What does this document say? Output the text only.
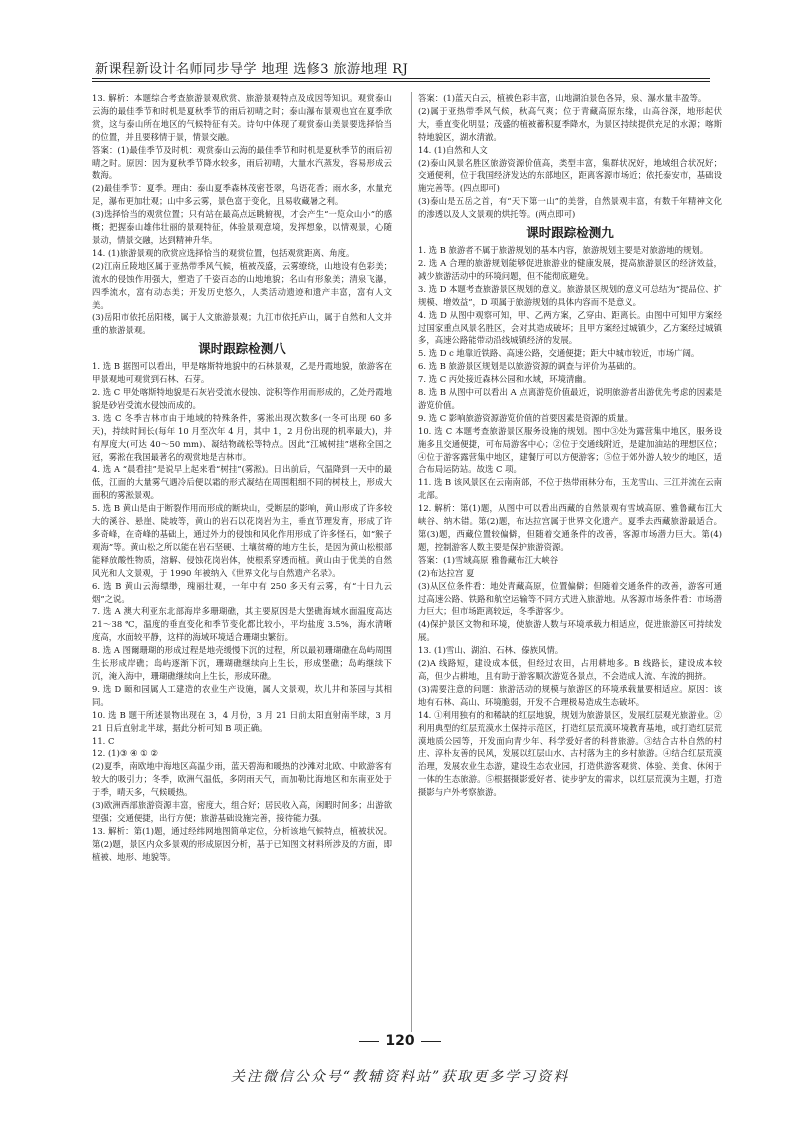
新课程新设计名师同步导学 地理 选修3 旅游地理 RJ

13. 解析：本题综合考查旅游景观欣赏、旅游景观特点及成因等知识。观赏泰山云海的最佳季节和时机是夏秋季节的雨后初晴之时；泰山瀑布景观也宜在夏季欣赏，这与泰山所在地区的气候特征有关。诗句中体现了观赏泰山美景要选择恰当的位置，并且要移情于景，情景交融。

答案：(1)最佳季节及时机：观赏泰山云海的最佳季节和时机是夏秋季节的雨后初晴之时。原因：因为夏秋季节降水较多，雨后初晴，大量水汽蒸发，容易形成云数海。

(2)最佳季节：夏季。理由：泰山夏季森林茂密苍翠，鸟语花香；雨水多，水量充足，瀑布更加壮观；山中多云雾，景色富于变化，且易收藏暑之利。

(3)选择恰当的观赏位置；只有站在最高点远眺俯视，才会产生“一览众山小”的感概；把握泰山雄伟壮丽的景观特征，体验景观意境，发挥想象，以情观景，心随景动，情景交融，达到精神升华。

14. (1)旅游景观的欣赏应选择恰当的观赏位置，包括观赏距离、角度。

(2)江南丘陵地区属于亚热带季风气候，植被茂盛，云雾缭绕，山地设有色彩美；流水的侵蚀作用强大，塑造了千姿百态的山地地貌；名山有形象美；清泉飞瀑，四季流水，富有动态美；开发历史悠久，人类活动遗迹和遗产丰富，富有人文美。

(3)岳阳市依托岳阳楼，属于人文旅游景观；九江市依托庐山，属于自然和人文并重的旅游景观。

课时跟踪检测八

1. 选 B 据图可以看出，甲是喀斯特地貌中的石林景观，乙是丹霞地貌，旅游客在甲景观地可观赏到石林、石芽。

2. 选 C 甲处喀斯特地貌是石灰岩受流水侵蚀、淀积等作用而形成的，乙处丹霞地貌是砂岩受流水侵蚀而成的。

3. 选 C 冬季吉林市由于地域的特殊条件，雾淞出现次数多(一冬可出现 60 多天)，持续时间长(每年 10 月至次年 4 月，其中 1，2 月份出现的机率最大)，并有厚度大(可达 40～50 mm)、凝结物疏松等特点。因此“江城树挂”堪称全国之冠，雾淞在我国最著名的观赏地是吉林市。

4. 选 A “晨看挂”是说早上起来看“树挂”(雾淞)。日出前后，气温降到一天中的最低，江面的大量雾气遇冷后便以霜的形式凝结在周围粗细不同的树枝上，形成大面积的雾淞景观。

5. 选 B 黄山是由于断裂作用而形成的断块山，受断层的影响，黄山形成了许多较大的溪谷、悬崖、陡坡等，黄山的岩石以花岗岩为主，垂直节理发育，形成了许多奇峰，在奇峰的基础上，通过外力的侵蚀和风化作用形成了许多怪石，如“猴子观海”等。黄山松之所以能在岩石坚硬、土壤贫瘠的地方生长，是因为黄山松根部能释放酸性物质，溶解、侵蚀花岗岩体，使根系穿透而植。黄山由于优美的自然风光和人文景观，于 1990 年被纳入《世界文化与自然遗产名录》。

6. 选 B 黄山云海缥缈，瑰丽壮观，一年中有 250 多天有云雾，有“十日九云烟”之说。

7. 选 A 澳大利亚东北部海岸多珊瑚礁，其主要原因是大堡礁海域水面温度高达 21～38 ℃，温度的垂直变化和季节变化都比较小，平均盐度 3.5%，海水清晰度高，水面较平静，这样的海域环境适合珊瑚虫繁衍。

8. 选 A 图爾珊瑚的形成过程是地壳缓慢下沉的过程，所以最初珊瑚礁在岛屿周围生长形成岸礁；岛屿逐渐下沉，珊瑚礁继续向上生长，形成堡礁；岛屿继续下沉，淹入海中，珊瑚礁继续向上生长，形成环礁。

9. 选 D 颐和园属人工建造的农业生产设施，属人文景观，坎儿井和茶园与其相同。

10. 选 B 题干所述景物出现在 3，4 月份，3 月 21 日前太阳直射南半球，3 月 21 日后直射北半球，据此分析可知 B 项正确。

11. C

12. (1)③ ④ ① ②

(2)夏季，南欧地中海地区高温少雨，蓝天碧海和暖热的沙滩对北欧、中欧游客有较大的吸引力；冬季，欧洲气温低，多阴雨天气，而加勒比海地区和东南亚处于于季，晴天多，气候暖热。

(3)欧洲西部旅游资源丰富，密度大，组合好；居民收入高，闲暇时间多；出游欲望强；交通便捷，出行方便；旅游基础设施完善，接待能力强。

13. 解析：第(1)题，通过经纬网地图简单定位，分析该地气候特点，植被状况。第(2)题，景区内众多景观的形成原因分析，基于已知图文材料所涉及的方面，即植被、地形、地貌等。

答案：(1)蓝天白云，植被色彩丰富，山地湖泊景色各异，泉、瀑水量丰盈等。

(2)属于亚热带季风气候，秋高气爽；位于青藏高原东缘，山高谷深，地形起伏大，垂直变化明显；茂盛的植被蓄积夏季降水，为景区持续提供充足的水源；喀斯特地貌区，湖水清澈。

14. (1)自然和人文

(2)泰山风景名胜区旅游资源价值高，类型丰富，集群状况好，地域组合状况好；交通便利，位于我国经济发达的东部地区，距离客源市场近；依托泰安市，基础设施完善等。(四点即可)

(3)泰山是五岳之首，有“天下第一山”的美誉，自然景观丰富，有数千年精神文化的渗透以及人文景观的烘托等。(两点即可)

课时跟踪检测九

1. 选 B 旅游者不属于旅游规划的基本内容，旅游规划主要是对旅游地的规划。

2. 选 A 合理的旅游规划能够促进旅游业的健康发展，提高旅游景区的经济效益，减少旅游活动中的环境问题，但不能彻底避免。

3. 选 D 本题考查旅游景区规划的意义。旅游景区规划的意义可总结为“提品位、扩规模、增效益”，D 项属于旅游规划的具体内容而不是意义。

4. 选 D 从图中观察可知，甲、乙两方案，乙穿由、距离长。由图中可知甲方案经过国家重点风景名胜区，会对其造成破坏；且甲方案经过城镇少，乙方案经过城镇多，高速公路能带动沿线城镇经济的发展。

5. 选 D c 地靠近铁路、高速公路，交通便捷；距大中城市较近，市场广阔。

6. 选 B 旅游景区规划是以旅游资源的调查与评价为基础的。

7. 选 C 丙处接近森林公园和水域，环境清幽。

8. 选 B 从图中可以看出 A 点离游览价值最近，说明旅游者出游优先考虑的因素是游览价值。

9. 选 C 影响旅游资源游览价值的首要因素是资源的质量。

10. 选 C 本题考查旅游景区服务设施的规划。图中③处为露营集中地区，服务设施多且交通便捷，可布局游客中心；②位于交通线附近，是建加油站的理想区位；④位于游客露营集中地区，建餐厅可以方便游客；⑤位于郊外游人较少的地区，适合布局运防站。故选 C 项。

11. 选 B 该风景区在云南南部，不位于热带雨林分布，玉龙雪山、三江并流在云南北部。

12. 解析：第(1)题，从图中可以看出西藏的自然景观有雪域高原、雅鲁藏布江大峡谷、纳木错。第(2)题，布达拉宫属于世界文化遗产。夏季去西藏旅游最适合。第(3)题，西藏位置较偏僻，但随着交通条件的改善，客源市场潜力巨大。第(4)题，控制游客人数主要是保护旅游资源。

答案：(1)雪域高原 雅鲁藏布江大峡谷

(2)布达拉宫 夏

(3)从区位条件看：地处青藏高原，位置偏僻；但随着交通条件的改善，游客可通过高速公路、铁路和航空运输等不同方式进入旅游地。从客源市场条件看：市场潜力巨大；但市场距离较远，冬季游客少。

(4)保护景区文物和环境，使旅游人数与环境承载力相适应，促进旅游区可持续发展。

13. (1)雪山、湖泊、石林、傣族风情。

(2)A 线路短，建设成本低，但经过农田，占用耕地多。B 线路长，建设成本较高，但少占耕地，且有助于游客顺次游览各景点，不会造成人流、车流的拥挤。

(3)需要注意的问题：旅游活动的规模与旅游区的环境承载量要相适应。原因：该地有石林、高山、环境脆弱，开发不合理极易造成生态破坏。

14. ①利用独有的和稀缺的红层地貌，规划为旅游景区，发展红层观光旅游业。②利用典型的红层荒漠水土保持示范区，打造红层荒漠环境教育基地，或打造红层荒漠地质公园等，开发面向青少年、科学爱好者的科普旅游。③结合古朴自然的村庄、淳朴友善的民风，发展以红层山水、古村落为主的乡村旅游。④结合红层荒漠治理，发展农业生态游，建设生态农业园，打造供游客观赏、体验、美食、休闲于一体的生态旅游。⑤根据摄影爱好者、徒步驴友的需求，以红层荒漠为主题，打造摄影与户外考察旅游。

120
关注微信公众号“教辅资料站”获取更多学习资料
